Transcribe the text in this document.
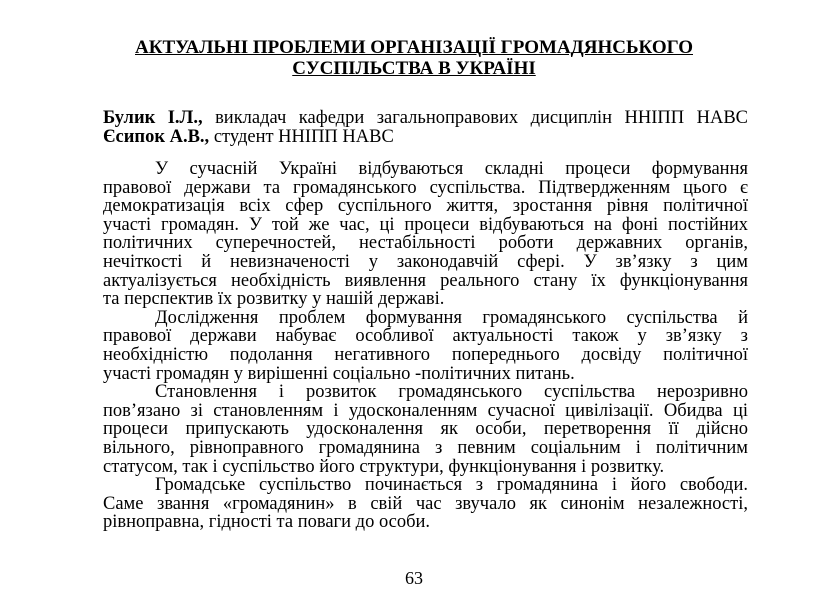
АКТУАЛЬНІ ПРОБЛЕМИ ОРГАНІЗАЦІЇ ГРОМАДЯНСЬКОГО
СУСПІЛЬСТВА В УКРАЇНІ
Булик І.Л., викладач кафедри загальноправових дисциплін ННІПП НАВС
Єсипок А.В., студент ННІПП НАВС
У сучасній Україні відбуваються складні процеси формування
правової держави та громадянського суспільства. Підтвердженням цього є
демократизація всіх сфер суспільного життя, зростання рівня політичної
участі громадян. У той же час, ці процеси відбуваються на фоні постійних
політичних суперечностей, нестабільності роботи державних органів,
нечіткості й невизначеності у законодавчій сфері. У зв’язку з цим
актуалізується необхідність виявлення реального стану їх функціонування
та перспектив їх розвитку у нашій державі.
Дослідження проблем формування громадянського суспільства й
правової держави набуває особливої актуальності також у зв’язку з
необхідністю подолання негативного попереднього досвіду політичної
участі громадян у вирішенні соціально -політичних питань.
Становлення і розвиток громадянського суспільства нерозривно
пов’язано зі становленням і удосконаленням сучасної цивілізації. Обидва ці
процеси припускають удосконалення як особи, перетворення її дійсно
вільного, рівноправного громадянина з певним соціальним і політичним
статусом, так і суспільство його структури, функціонування і розвитку.
Громадське суспільство починається з громадянина і його свободи.
Саме звання «громадянин» в свій час звучало як синонім незалежності,
рівноправна, гідності та поваги до особи.
63
